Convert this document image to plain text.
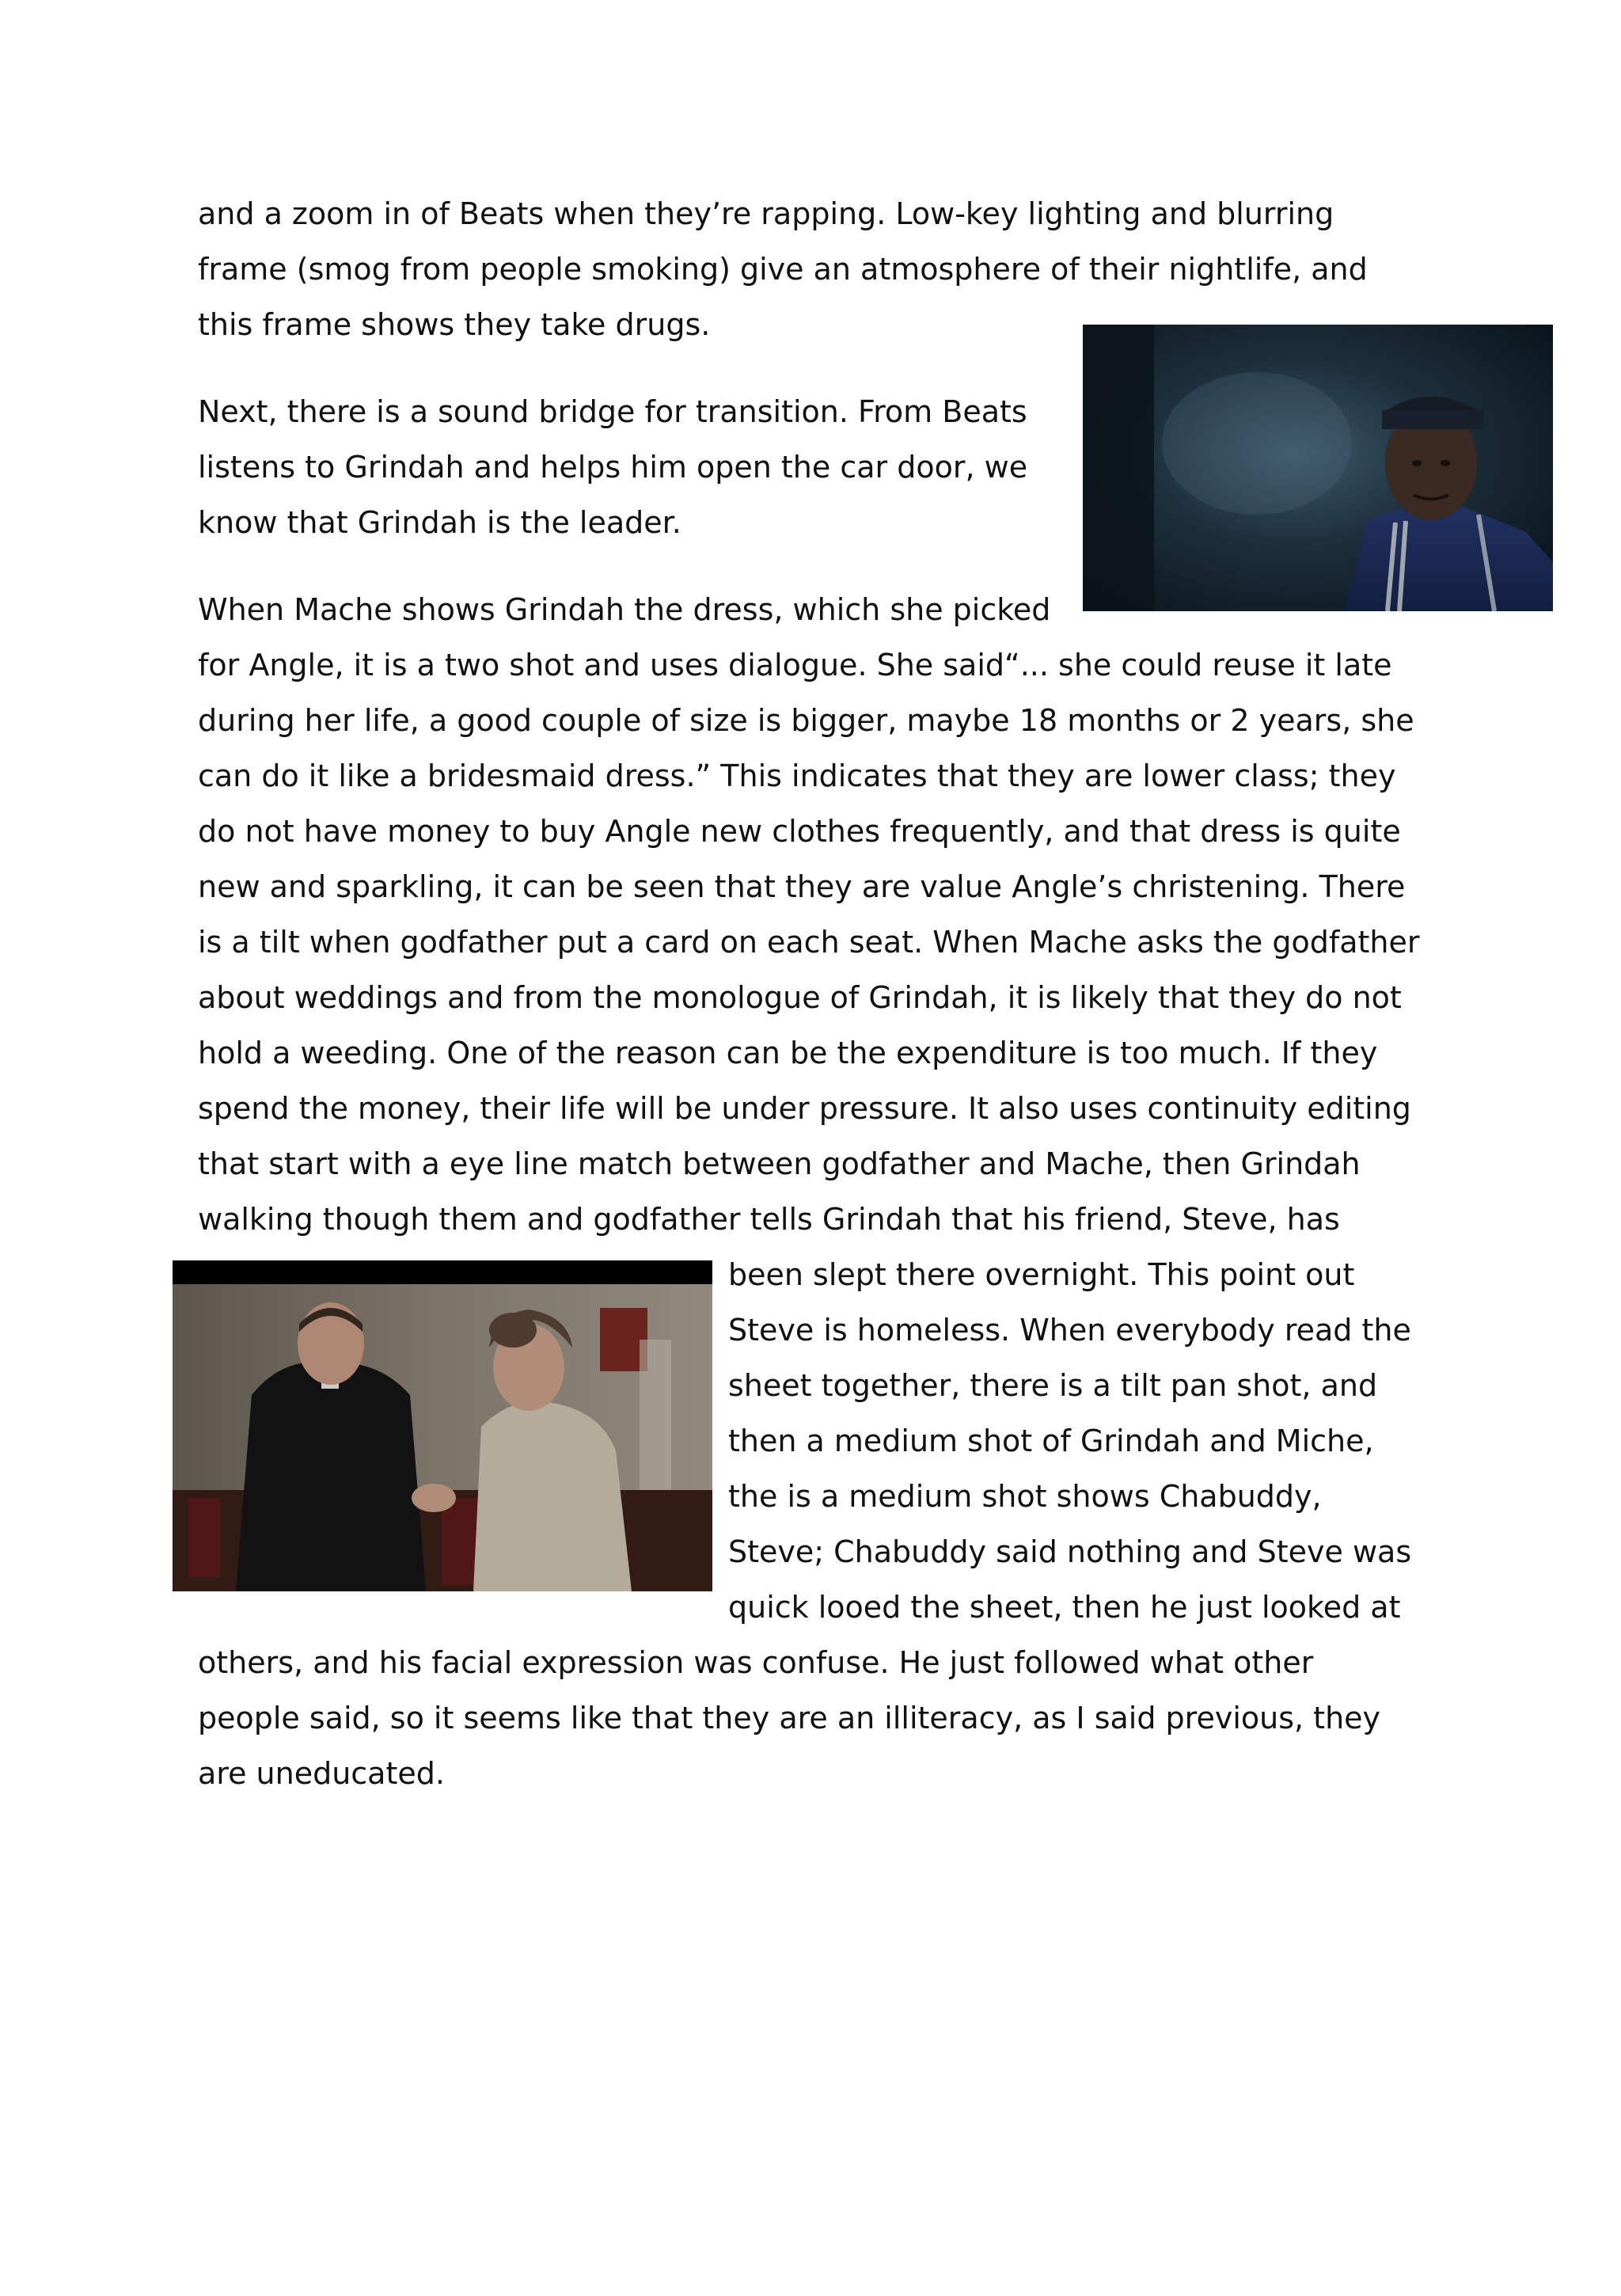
and a zoom in of Beats when they’re rapping. Low-key lighting and blurring

frame (smog from people smoking) give an atmosphere of their nightlife, and

this frame shows they take drugs.

Next, there is a sound bridge for transition. From Beats

listens to Grindah and helps him open the car door, we

know that Grindah is the leader.

When Mache shows Grindah the dress, which she picked

for Angle, it is a two shot and uses dialogue. She said“... she could reuse it late

during her life, a good couple of size is bigger, maybe 18 months or 2 years, she

can do it like a bridesmaid dress.” This indicates that they are lower class; they

do not have money to buy Angle new clothes frequently, and that dress is quite

new and sparkling, it can be seen that they are value Angle’s christening. There

is a tilt when godfather put a card on each seat. When Mache asks the godfather

about weddings and from the monologue of Grindah, it is likely that they do not

hold a weeding. One of the reason can be the expenditure is too much. If they

spend the money, their life will be under pressure. It also uses continuity editing

that start with a eye line match between godfather and Mache, then Grindah

walking though them and godfather tells Grindah that his friend, Steve, has

been slept there overnight. This point out

Steve is homeless. When everybody read the

sheet together, there is a tilt pan shot, and

then a medium shot of Grindah and Miche,

the is a medium shot shows Chabuddy,

Steve; Chabuddy said nothing and Steve was

quick looed the sheet, then he just looked at

others, and his facial expression was confuse. He just followed what other

people said, so it seems like that they are an illiteracy, as I said previous, they

are uneducated.
